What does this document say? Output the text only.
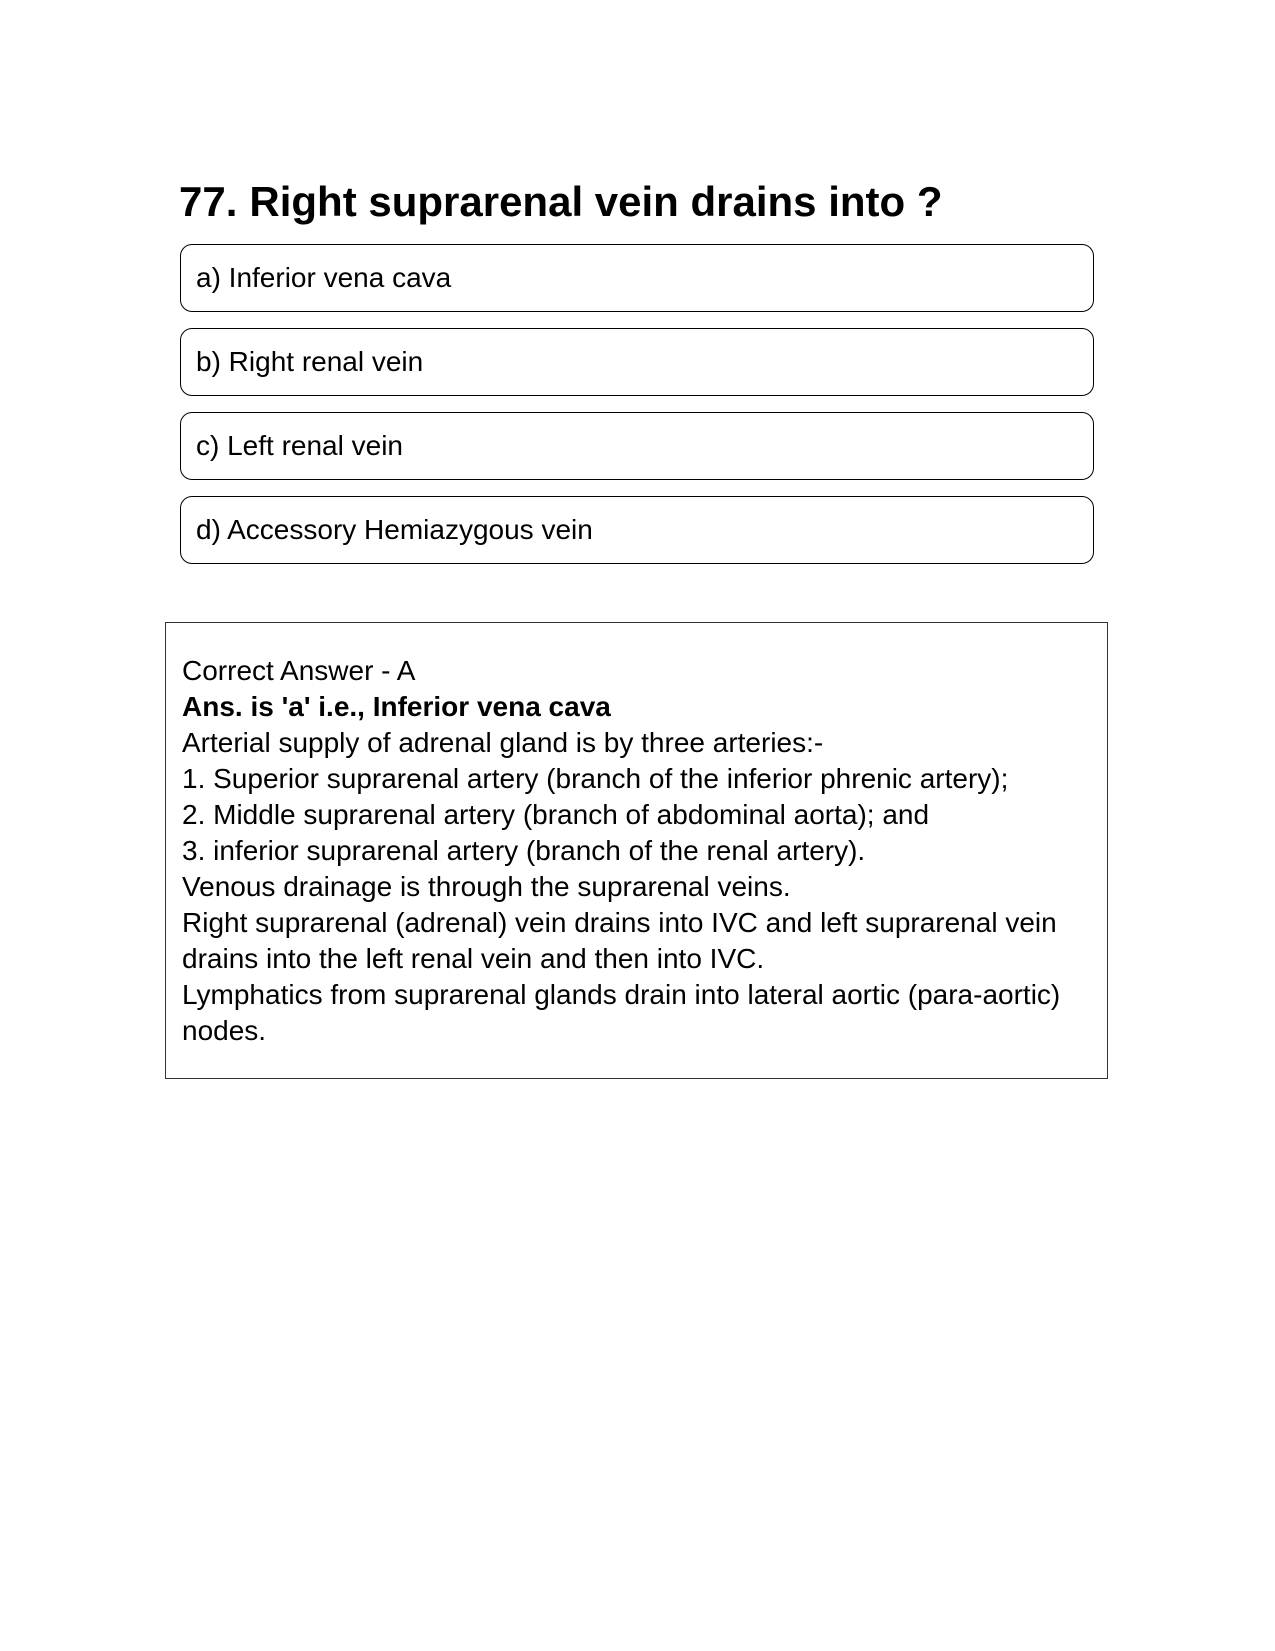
77. Right suprarenal vein drains into ?
a) Inferior vena cava
b) Right renal vein
c) Left renal vein
d) Accessory Hemiazygous vein
Correct Answer - A
Ans. is 'a' i.e., Inferior vena cava
Arterial supply of adrenal gland is by three arteries:-
1. Superior suprarenal artery (branch of the inferior phrenic artery);
2. Middle suprarenal artery (branch of abdominal aorta); and
3. inferior suprarenal artery (branch of the renal artery).
Venous drainage is through the suprarenal veins.
Right suprarenal (adrenal) vein drains into IVC and left suprarenal vein drains into the left renal vein and then into IVC.
Lymphatics from suprarenal glands drain into lateral aortic (para-aortic) nodes.
